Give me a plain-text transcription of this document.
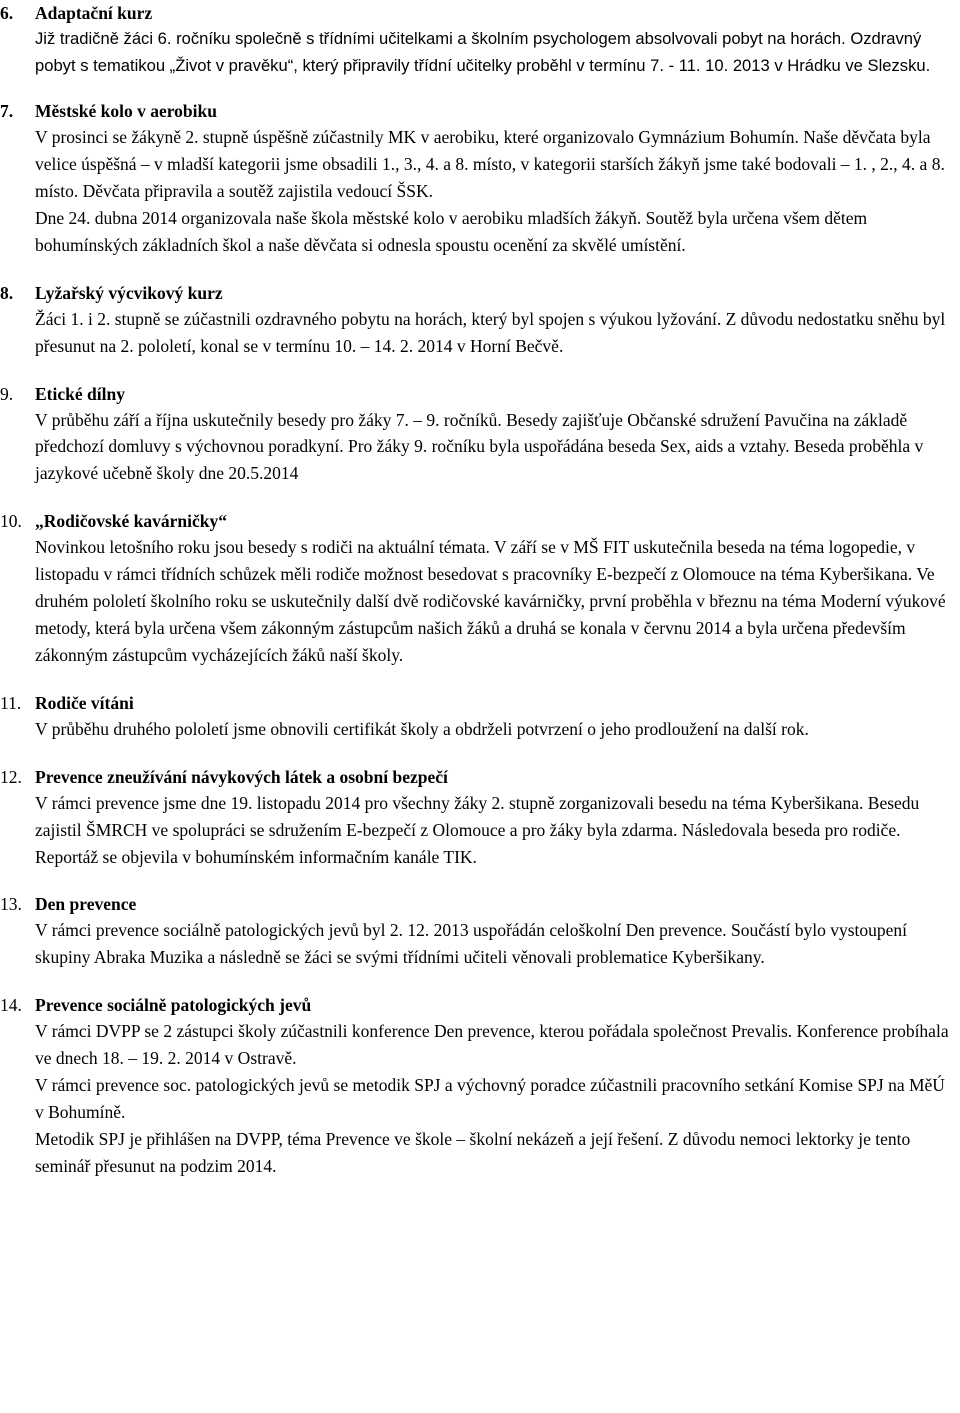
6. Adaptační kurz

Již tradičně žáci 6. ročníku společně s třídními učitelkami a školním psychologem absolvovali pobyt na horách. Ozdravný pobyt s tematikou „Život v pravěku“, který připravily třídní učitelky proběhl v termínu 7. - 11. 10. 2013 v Hrádku ve Slezsku.

7. Městské kolo v aerobiku

V prosinci se žákyně 2. stupně úspěšně zúčastnily MK v aerobiku, které organizovalo Gymnázium Bohumín. Naše děvčata byla velice úspěšná – v mladší kategorii jsme obsadili 1., 3., 4. a 8. místo, v kategorii starších žákyň jsme také bodovali – 1. , 2., 4. a 8. místo. Děvčata připravila a soutěž zajistila vedoucí ŠSK.

Dne 24. dubna 2014 organizovala naše škola městské kolo v aerobiku mladších žákyň. Soutěž byla určena všem dětem bohumínských základních škol a naše děvčata si odnesla spoustu ocenění za skvělé umístění.

8. Lyžařský výcvikový kurz

Žáci 1. i 2. stupně se zúčastnili ozdravného pobytu na horách, který byl spojen s výukou lyžování. Z důvodu nedostatku sněhu byl přesunut na 2. pololetí, konal se v termínu 10. – 14. 2. 2014 v Horní Bečvě.

9. Etické dílny

V průběhu září a října uskutečnily besedy pro žáky 7. – 9. ročníků. Besedy zajišťuje Občanské sdružení Pavučina na základě předchozí domluvy s výchovnou poradkyní. Pro žáky 9. ročníku byla uspořádána beseda Sex, aids a vztahy. Beseda proběhla v jazykové učebně školy dne 20.5.2014

10. „Rodičovské kavárničky“

Novinkou letošního roku jsou besedy s rodiči na aktuální témata. V září se v MŠ FIT uskutečnila beseda na téma logopedie, v listopadu v rámci třídních schůzek měli rodiče možnost besedovat s pracovníky E-bezpečí z Olomouce na téma Kyberšikana. Ve druhém pololetí školního roku se uskutečnily další dvě rodičovské kavárničky, první proběhla v březnu na téma Moderní výukové metody, která byla určena všem zákonným zástupcům našich žáků a druhá se konala v červnu 2014 a byla určena především zákonným zástupcům vycházejících žáků naší školy.

11. Rodiče vítáni

V průběhu druhého pololetí jsme obnovili certifikát školy a obdrželi potvrzení o jeho prodloužení na další rok.

12. Prevence zneužívání návykových látek a osobní bezpečí

V rámci prevence jsme dne 19. listopadu 2014 pro všechny žáky 2. stupně zorganizovali besedu na téma Kyberšikana. Besedu zajistil ŠMRCH ve spolupráci se sdružením E-bezpečí z Olomouce a pro žáky byla zdarma. Následovala beseda pro rodiče. Reportáž se objevila v bohumínském informačním kanále TIK.

13. Den prevence

V rámci prevence sociálně patologických jevů byl 2. 12. 2013 uspořádán celoškolní Den prevence. Součástí bylo vystoupení skupiny Abraka Muzika a následně se žáci se svými třídními učiteli věnovali problematice Kyberšikany.

14. Prevence sociálně patologických jevů

V rámci DVPP se 2 zástupci školy zúčastnili konference Den prevence, kterou pořádala společnost Prevalis. Konference probíhala ve dnech 18. – 19. 2. 2014 v Ostravě.

V rámci prevence soc. patologických jevů se metodik SPJ a výchovný poradce zúčastnili pracovního setkání Komise SPJ na MěÚ v Bohumíně.

Metodik SPJ je přihlášen na DVPP, téma Prevence ve škole – školní nekázeň a její řešení. Z důvodu nemoci lektorky je tento seminář přesunut na podzim 2014.
